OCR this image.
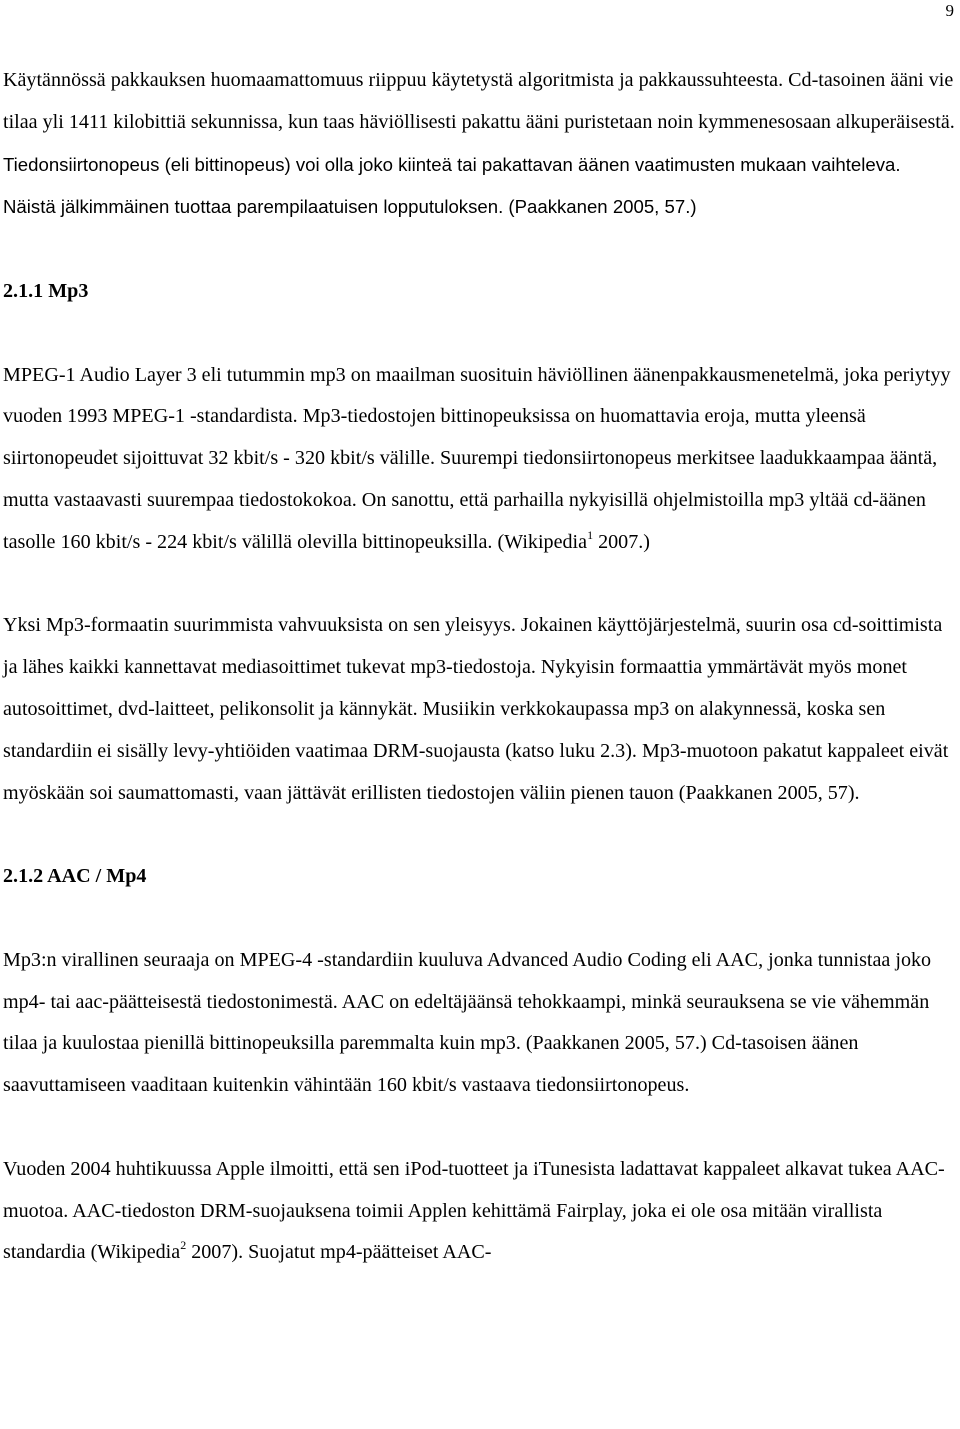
9

Käytännössä pakkauksen huomaamattomuus riippuu käytetystä algoritmista ja pakkaussuhteesta. Cd-tasoinen ääni vie tilaa yli 1411 kilobittiä sekunnissa, kun taas häviöllisesti pakattu ääni puristetaan noin kymmenesosaan alkuperäisestä. Tiedonsiirtonopeus (eli bittinopeus) voi olla joko kiinteä tai pakattavan äänen vaatimusten mukaan vaihteleva. Näistä jälkimmäinen tuottaa parempilaatuisen lopputuloksen. (Paakkanen 2005, 57.)

2.1.1 Mp3

MPEG-1 Audio Layer 3 eli tutummin mp3 on maailman suosituin häviöllinen äänenpakkausmenetelmä, joka periytyy vuoden 1993 MPEG-1 -standardista. Mp3-tiedostojen bittinopeuksissa on huomattavia eroja, mutta yleensä siirtonopeudet sijoittuvat 32 kbit/s - 320 kbit/s välille. Suurempi tiedonsiirtonopeus merkitsee laadukkaampaa ääntä, mutta vastaavasti suurempaa tiedostokokoa. On sanottu, että parhailla nykyisillä ohjelmistoilla mp3 yltää cd-äänen tasolle 160 kbit/s - 224 kbit/s välillä olevilla bittinopeuksilla. (Wikipedia$^1$ 2007.)

Yksi Mp3-formaatin suurimmista vahvuuksista on sen yleisyys. Jokainen käyttöjärjestelmä, suurin osa cd-soittimista ja lähes kaikki kannettavat mediasoittimet tukevat mp3-tiedostoja. Nykyisin formaattia ymmärtävät myös monet autosoittimet, dvd-laitteet, pelikonsolit ja kännykät. Musiikin verkkokaupassa mp3 on alakynnessä, koska sen standardiin ei sisälly levy-yhtiöiden vaatimaa DRM-suojausta (katso luku 2.3). Mp3-muotoon pakatut kappaleet eivät myöskään soi saumattomasti, vaan jättävät erillisten tiedostojen väliin pienen tauon (Paakkanen 2005, 57).

2.1.2 AAC / Mp4

Mp3:n virallinen seuraaja on MPEG-4 -standardiin kuuluva Advanced Audio Coding eli AAC, jonka tunnistaa joko mp4- tai aac-päätteisestä tiedostonimestä. AAC on edeltäjäänsä tehokkaampi, minkä seurauksena se vie vähemmän tilaa ja kuulostaa pienillä bittinopeuksilla paremmalta kuin mp3. (Paakkanen 2005, 57.) Cd-tasoisen äänen saavuttamiseen vaaditaan kuitenkin vähintään 160 kbit/s vastaava tiedonsiirtonopeus.

Vuoden 2004 huhtikuussa Apple ilmoitti, että sen iPod-tuotteet ja iTunesista ladattavat kappaleet alkavat tukea AAC-muotoa. AAC-tiedoston DRM-suojauksena toimii Applen kehittämä Fairplay, joka ei ole osa mitään virallista standardia (Wikipedia$^2$ 2007). Suojatut mp4-päätteiset AAC-
